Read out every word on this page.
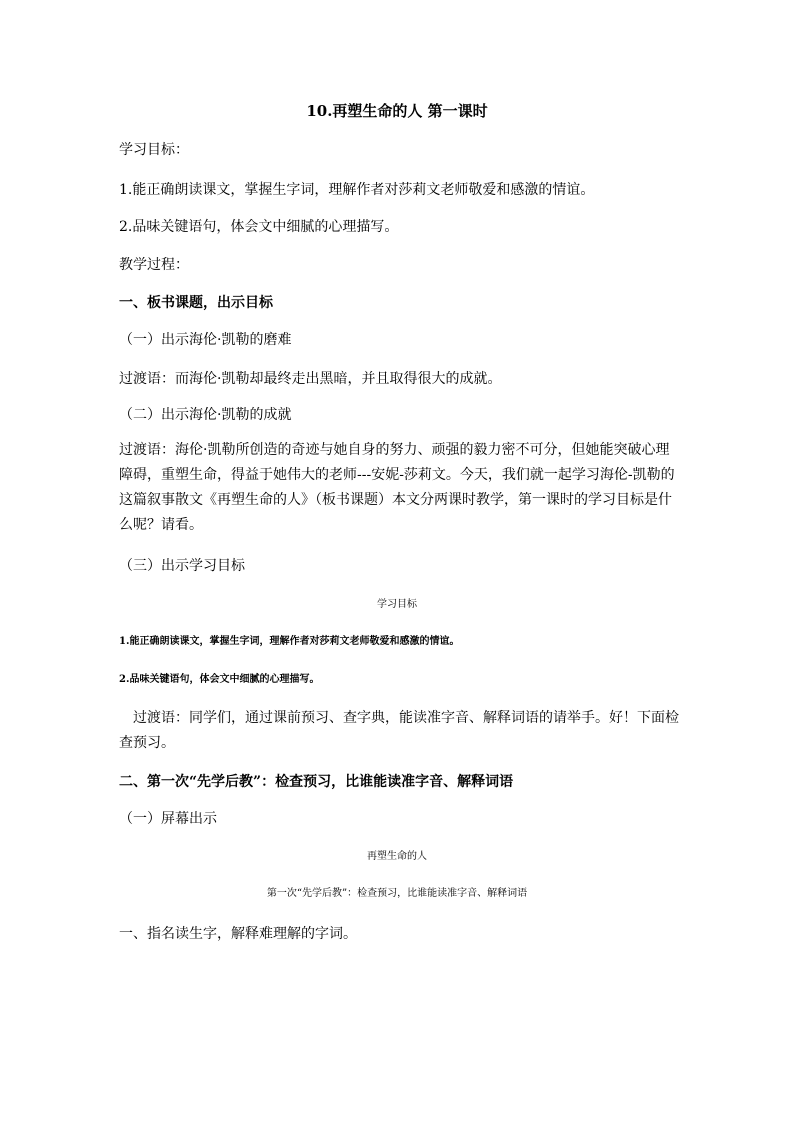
10.再塑生命的人 第一课时
学习目标：
1.能正确朗读课文，掌握生字词，理解作者对莎莉文老师敬爱和感激的情谊。
2.品味关键语句，体会文中细腻的心理描写。
教学过程：
一、板书课题，出示目标
（一）出示海伦·凯勒的磨难
过渡语：而海伦·凯勒却最终走出黑暗，并且取得很大的成就。
（二）出示海伦·凯勒的成就
过渡语：海伦·凯勒所创造的奇迹与她自身的努力、顽强的毅力密不可分，但她能突破心理障碍，重塑生命，得益于她伟大的老师---安妮-莎莉文。今天，我们就一起学习海伦-凯勒的这篇叙事散文《再塑生命的人》（板书课题）本文分两课时教学，第一课时的学习目标是什么呢？请看。
（三）出示学习目标
学习目标
1.能正确朗读课文，掌握生字词，理解作者对莎莉文老师敬爱和感激的情谊。
2.品味关键语句，体会文中细腻的心理描写。
过渡语：同学们，通过课前预习、查字典，能读准字音、解释词语的请举手。好！下面检查预习。
二、第一次“先学后教”：检查预习，比谁能读准字音、解释词语
（一）屏幕出示
再塑生命的人
第一次“先学后教”：检查预习，比谁能读准字音、解释词语
一、指名读生字，解释难理解的字词。
